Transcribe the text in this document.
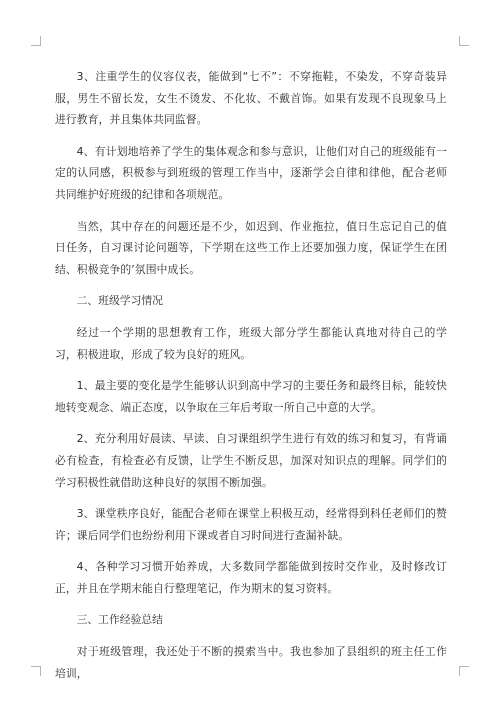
3、注重学生的仪容仪表，能做到“七不”：不穿拖鞋，不染发，不穿奇装异服，男生不留长发，女生不烫发、不化妆、不戴首饰。如果有发现不良现象马上进行教育，并且集体共同监督。

4、有计划地培养了学生的集体观念和参与意识，让他们对自己的班级能有一定的认同感，积极参与到班级的管理工作当中，逐渐学会自律和律他，配合老师共同维护好班级的纪律和各项规范。

当然，其中存在的问题还是不少，如迟到、作业拖拉，值日生忘记自己的值日任务，自习课讨论问题等，下学期在这些工作上还要加强力度，保证学生在团结、积极竞争的’氛围中成长。

二、班级学习情况

经过一个学期的思想教育工作，班级大部分学生都能认真地对待自己的学习，积极进取，形成了较为良好的班风。

1、最主要的变化是学生能够认识到高中学习的主要任务和最终目标，能较快地转变观念、端正态度，以争取在三年后考取一所自己中意的大学。

2、充分利用好晨读、早读、自习课组织学生进行有效的练习和复习，有背诵必有检查，有检查必有反馈，让学生不断反思，加深对知识点的理解。同学们的学习积极性就借助这种良好的氛围不断加强。

3、课堂秩序良好，能配合老师在课堂上积极互动，经常得到科任老师们的赞许；课后同学们也纷纷利用下课或者自习时间进行查漏补缺。

4、各种学习习惯开始养成，大多数同学都能做到按时交作业，及时修改订正，并且在学期末能自行整理笔记，作为期末的复习资料。

三、工作经验总结

对于班级管理，我还处于不断的摸索当中。我也参加了县组织的班主任工作培训，
